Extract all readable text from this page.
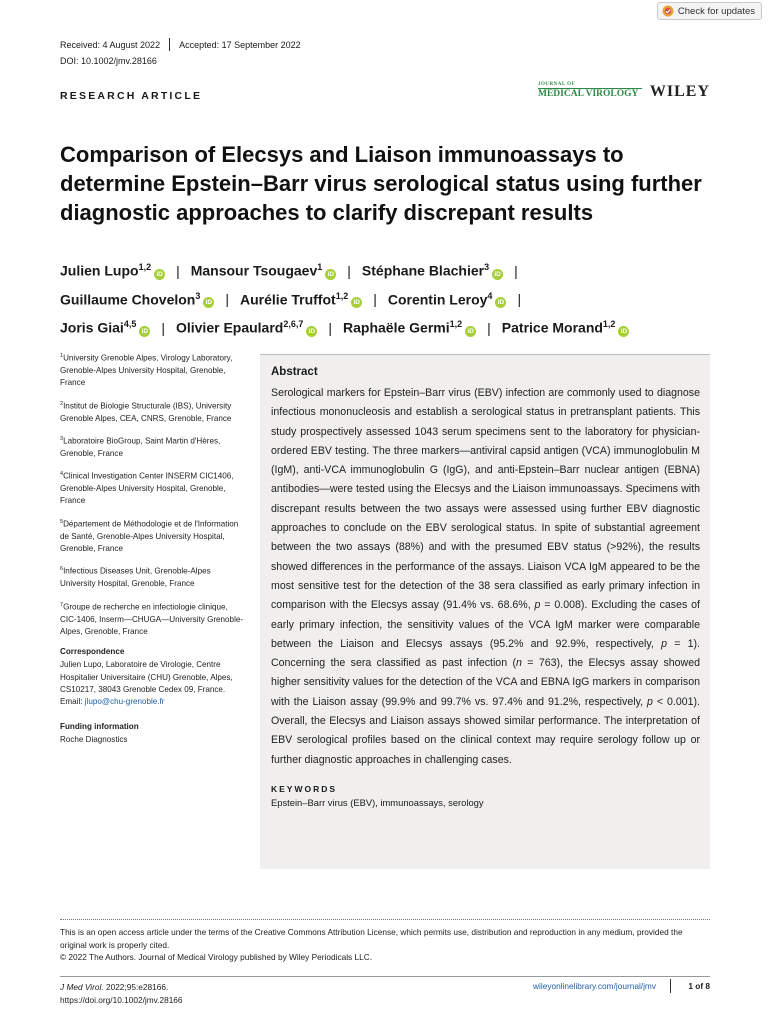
Check for updates
Received: 4 August 2022 Accepted: 17 September 2022
DOI: 10.1002/jmv.28166
RESEARCH ARTICLE
JOURNAL OF
MEDICAL VIROLOGY WILEY
Comparison of Elecsys and Liaison immunoassays to determine Epstein–Barr virus serological status using further diagnostic approaches to clarify discrepant results
Julien Lupo$^{1,2}$iD | Mansour Tsougaev$^1$iD | Stéphane Blachier$^3$iD |
Guillaume Chovelon$^3$iD | Aurélie Truffot$^{1,2}$iD | Corentin Leroy$^4$iD |
Joris Giai$^{4,5}$iD | Olivier Epaulard$^{2,6,7}$iD | Raphaële Germi$^{1,2}$iD | Patrice Morand$^{1,2}$iD
$^1$University Grenoble Alpes, Virology Laboratory, Grenoble-Alpes University Hospital, Grenoble, France
$^2$Institut de Biologie Structurale (IBS), University Grenoble Alpes, CEA, CNRS, Grenoble, France
$^3$Laboratoire BioGroup, Saint Martin d'Hères, Grenoble, France
$^4$Clinical Investigation Center INSERM CIC1406, Grenoble-Alpes University Hospital, Grenoble, France
$^5$Département de Méthodologie et de l'Information de Santé, Grenoble-Alpes University Hospital, Grenoble, France
$^6$Infectious Diseases Unit, Grenoble-Alpes University Hospital, Grenoble, France
$^7$Groupe de recherche en infectiologie clinique, CIC-1406, Inserm—CHUGA—University Grenoble-Alpes, Grenoble, France
Correspondence
Julien Lupo, Laboratoire de Virologie, Centre Hospitalier Universitaire (CHU) Grenoble, Alpes, CS10217, 38043 Grenoble Cedex 09, France.
Email: jlupo@chu-grenoble.fr
Funding information
Roche Diagnostics
Abstract

Serological markers for Epstein–Barr virus (EBV) infection are commonly used to diagnose infectious mononucleosis and establish a serological status in pretransplant patients. This study prospectively assessed 1043 serum specimens sent to the laboratory for physician-ordered EBV testing. The three markers—antiviral capsid antigen (VCA) immunoglobulin M (IgM), anti-VCA immunoglobulin G (IgG), and anti-Epstein–Barr nuclear antigen (EBNA) antibodies—were tested using the Elecsys and the Liaison immunoassays. Specimens with discrepant results between the two assays were assessed using further EBV diagnostic approaches to conclude on the EBV serological status. In spite of substantial agreement between the two assays (88%) and with the presumed EBV status (>92%), the results showed differences in the performance of the assays. Liaison VCA IgM appeared to be the most sensitive test for the detection of the 38 sera classified as early primary infection in comparison with the Elecsys assay (91.4% vs. 68.6%, p = 0.008). Excluding the cases of early primary infection, the sensitivity values of the VCA IgM marker were comparable between the Liaison and Elecsys assays (95.2% and 92.9%, respectively, p = 1). Concerning the sera classified as past infection (n = 763), the Elecsys assay showed higher sensitivity values for the detection of the VCA and EBNA IgG markers in comparison with the Liaison assay (99.9% and 99.7% vs. 97.4% and 91.2%, respectively, p < 0.001). Overall, the Elecsys and Liaison assays showed similar performance. The interpretation of EBV serological profiles based on the clinical context may require serology follow up or further diagnostic approaches in challenging cases.

KEYWORDS
Epstein–Barr virus (EBV), immunoassays, serology
This is an open access article under the terms of the Creative Commons Attribution License, which permits use, distribution and reproduction in any medium, provided the original work is properly cited.
© 2022 The Authors. Journal of Medical Virology published by Wiley Periodicals LLC.
J Med Virol. 2022;95:e28166.
https://doi.org/10.1002/jmv.28166
wileyonlinelibrary.com/journal/jmv	1 of 8
